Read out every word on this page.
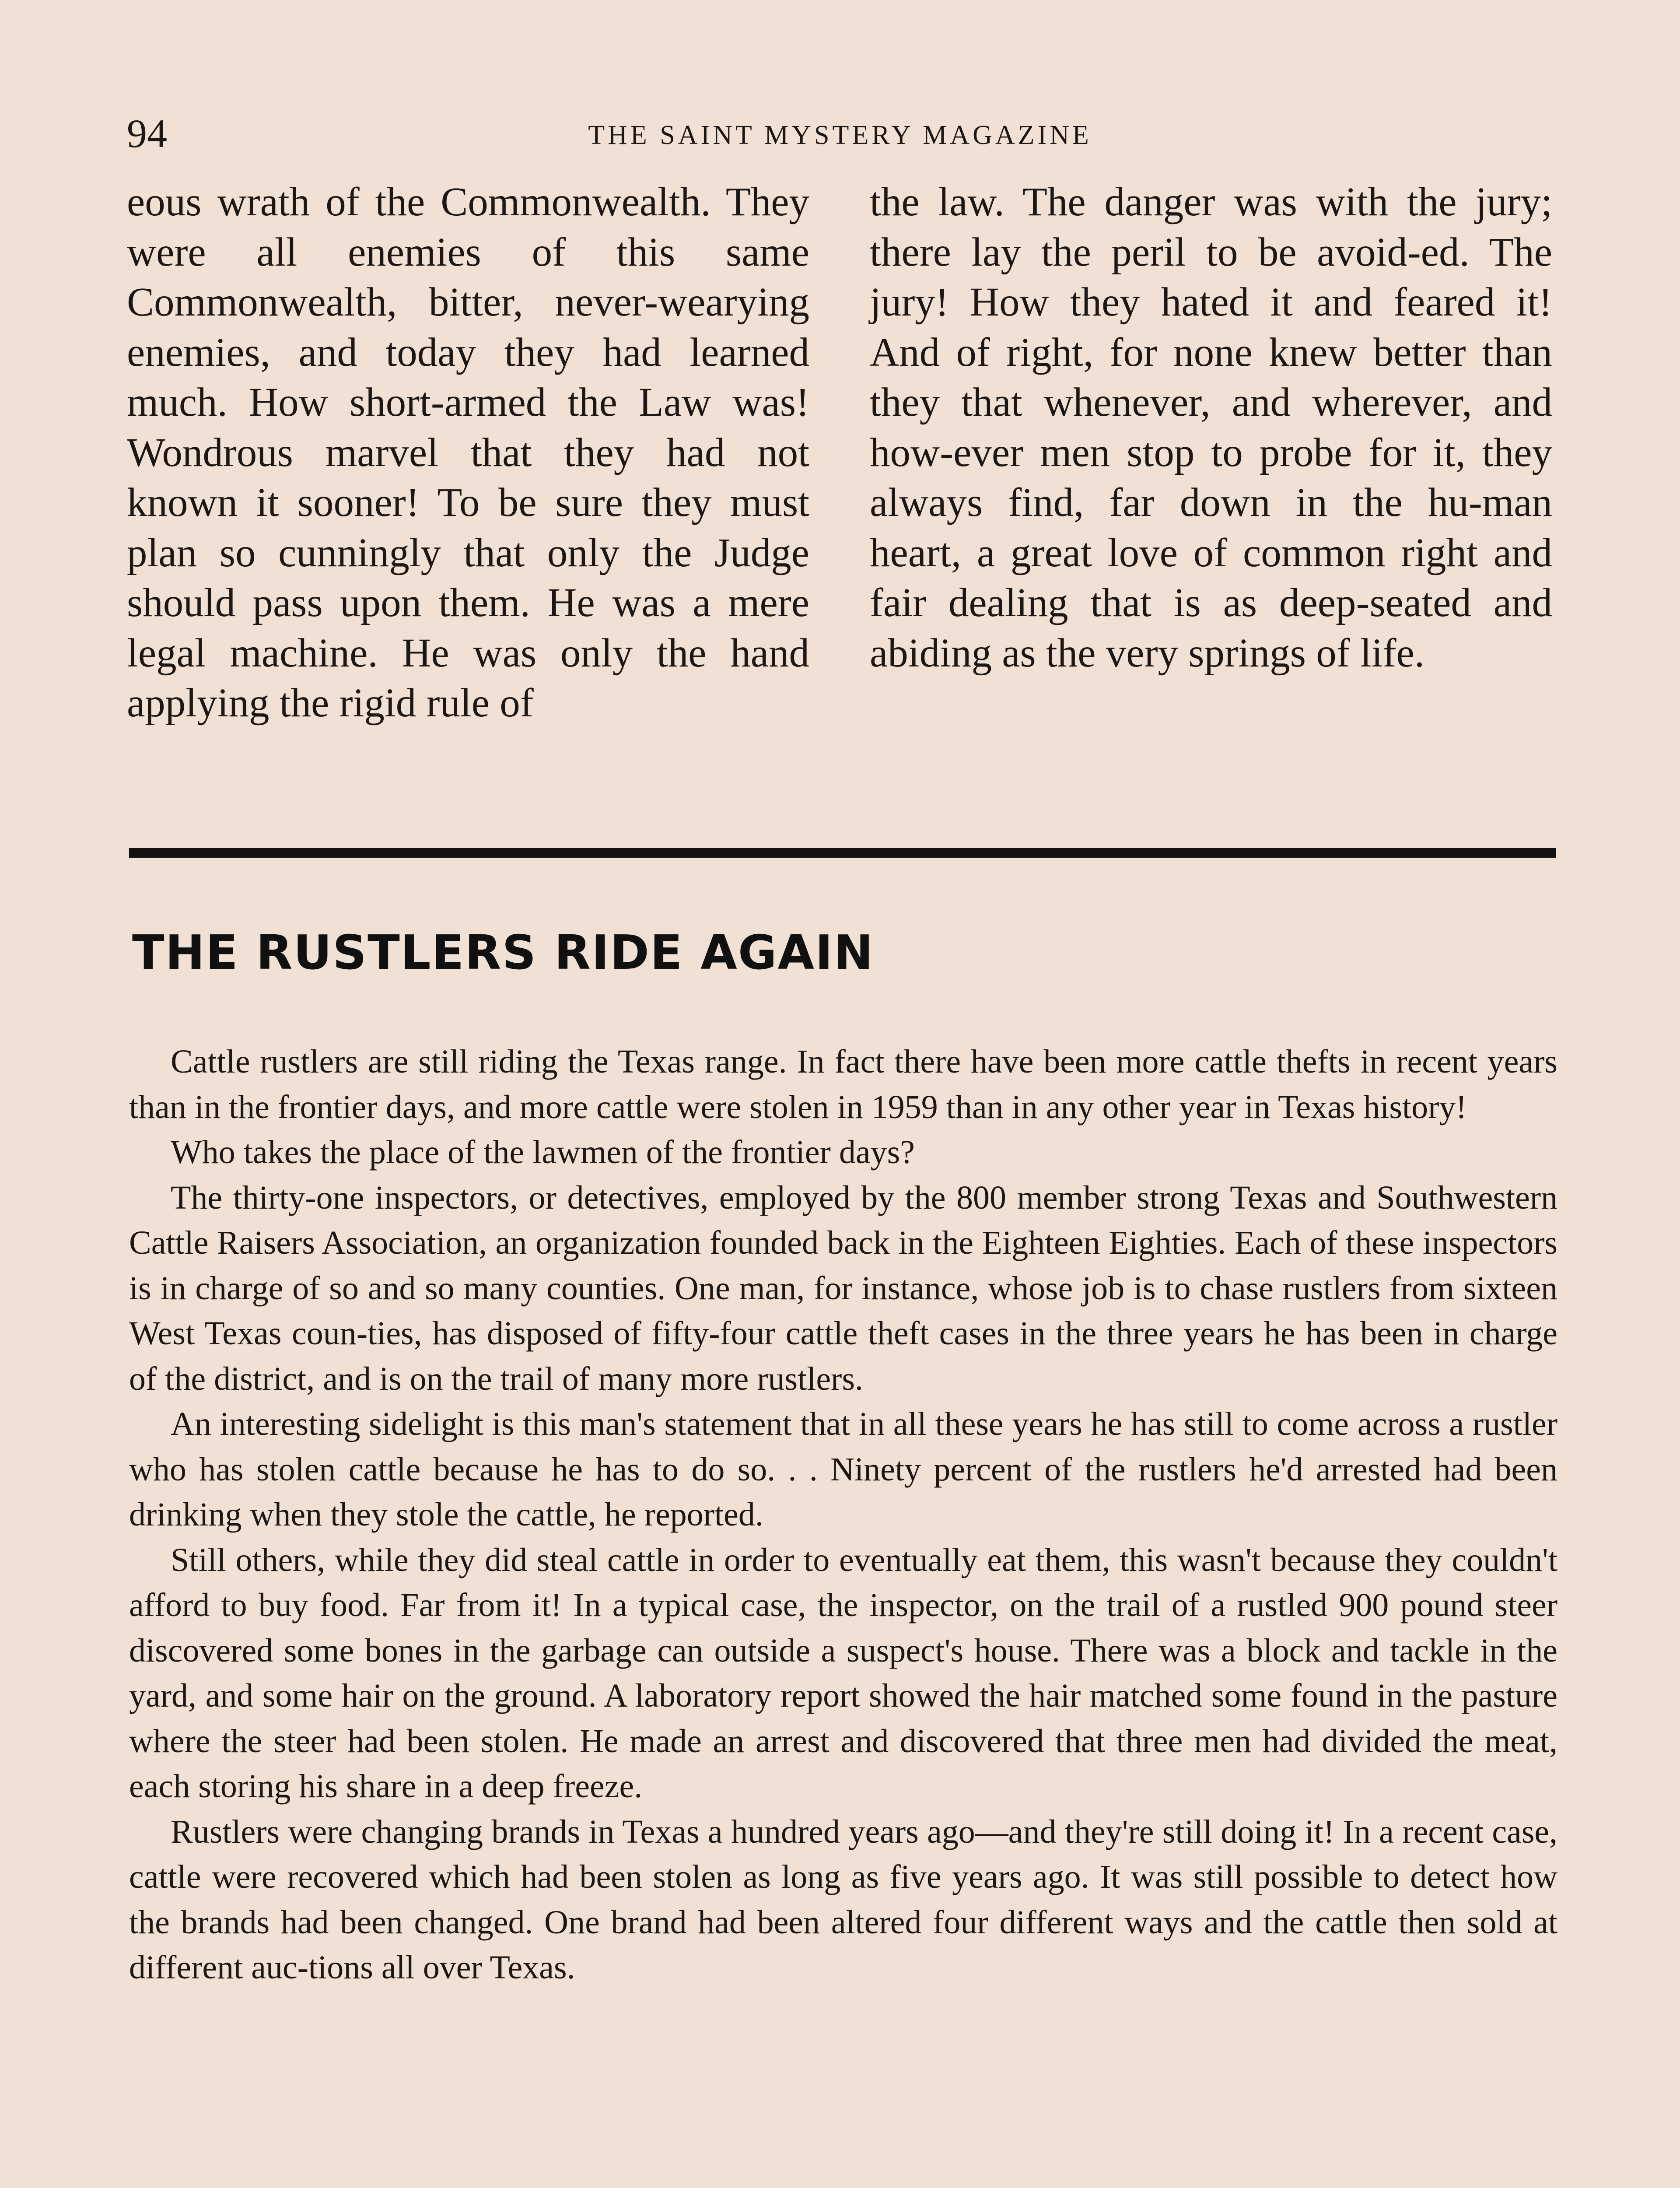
94	THE SAINT MYSTERY MAGAZINE

eous wrath of the Commonwealth. They were all enemies of this same Commonwealth, bitter, never-wearying enemies, and today they had learned much. How short-armed the Law was! Wondrous marvel that they had not known it sooner! To be sure they must plan so cunningly that only the Judge should pass upon them. He was a mere legal machine. He was only the hand applying the rigid rule of

the law. The danger was with the jury; there lay the peril to be avoid-ed. The jury! How they hated it and feared it! And of right, for none knew better than they that whenever, and wherever, and how-ever men stop to probe for it, they always find, far down in the hu-man heart, a great love of common right and fair dealing that is as deep-seated and abiding as the very springs of life.

THE RUSTLERS RIDE AGAIN

Cattle rustlers are still riding the Texas range. In fact there have been more cattle thefts in recent years than in the frontier days, and more cattle were stolen in 1959 than in any other year in Texas history!

Who takes the place of the lawmen of the frontier days?

The thirty-one inspectors, or detectives, employed by the 800 member strong Texas and Southwestern Cattle Raisers Association, an organization founded back in the Eighteen Eighties. Each of these inspectors is in charge of so and so many counties. One man, for instance, whose job is to chase rustlers from sixteen West Texas coun-ties, has disposed of fifty-four cattle theft cases in the three years he has been in charge of the district, and is on the trail of many more rustlers.

An interesting sidelight is this man's statement that in all these years he has still to come across a rustler who has stolen cattle because he has to do so. . . Ninety percent of the rustlers he'd arrested had been drinking when they stole the cattle, he reported.

Still others, while they did steal cattle in order to eventually eat them, this wasn't because they couldn't afford to buy food. Far from it! In a typical case, the inspector, on the trail of a rustled 900 pound steer discovered some bones in the garbage can outside a suspect's house. There was a block and tackle in the yard, and some hair on the ground. A laboratory report showed the hair matched some found in the pasture where the steer had been stolen. He made an arrest and discovered that three men had divided the meat, each storing his share in a deep freeze.

Rustlers were changing brands in Texas a hundred years ago—and they're still doing it! In a recent case, cattle were recovered which had been stolen as long as five years ago. It was still possible to detect how the brands had been changed. One brand had been altered four different ways and the cattle then sold at different auc-tions all over Texas.
